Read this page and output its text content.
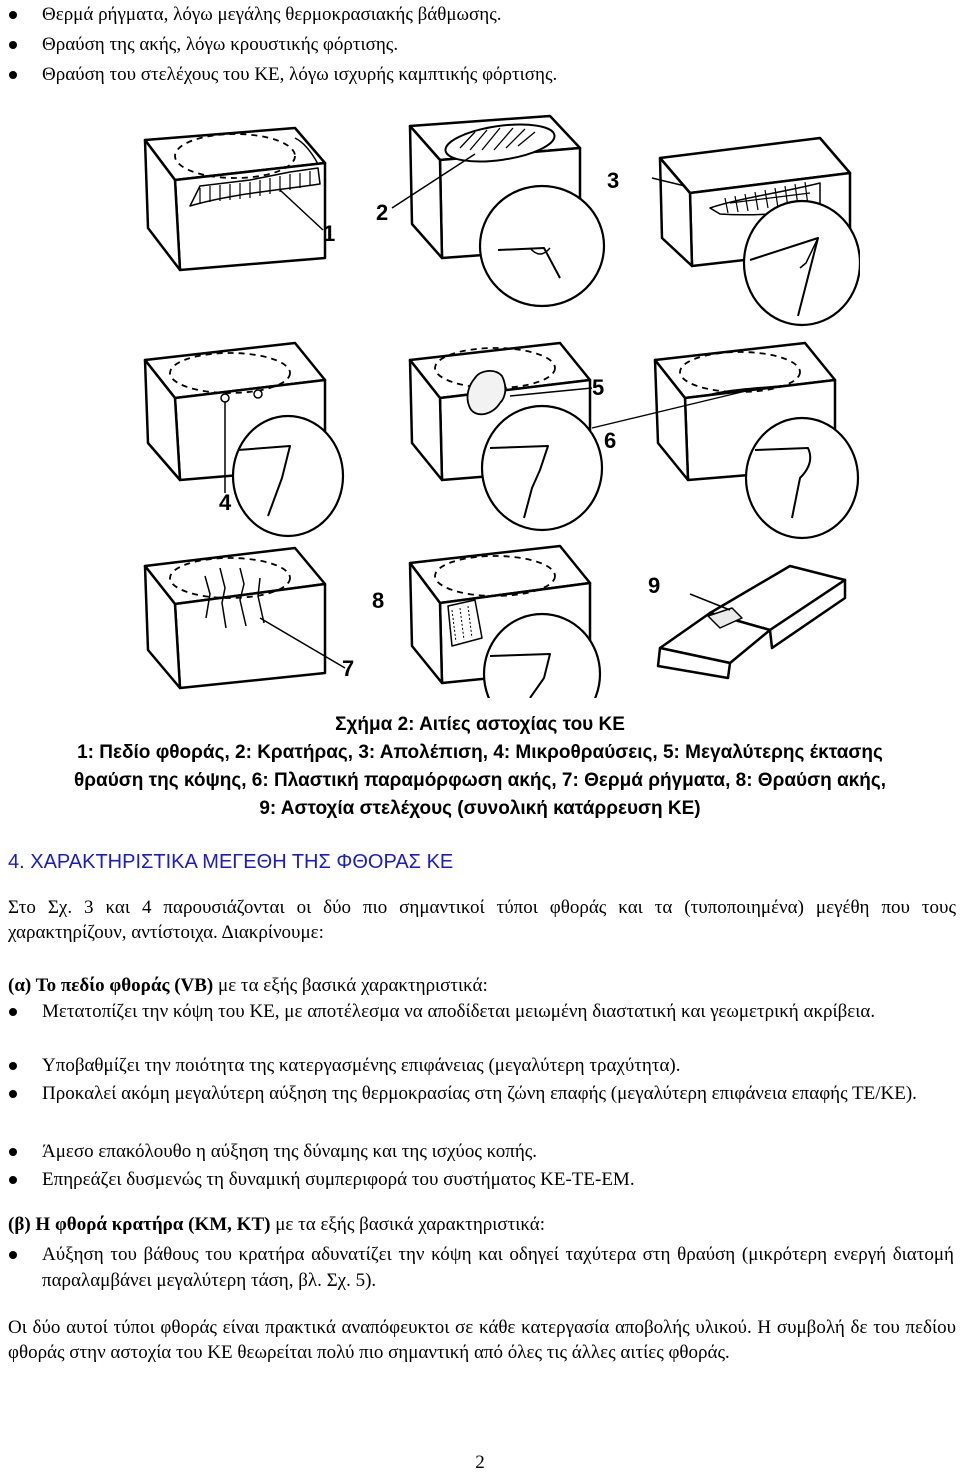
Θερμά ρήγματα, λόγω μεγάλης θερμοκρασιακής βάθμωσης.
Θραύση της ακής, λόγω κρουστικής φόρτισης.
Θραύση του στελέχους του ΚΕ, λόγω ισχυρής καμπτικής φόρτισης.
1
2
3
4
5
6
7
8
9
Σχήμα 2: Αιτίες αστοχίας του ΚΕ
1: Πεδίο φθοράς, 2: Κρατήρας, 3: Απολέπιση, 4: Μικροθραύσεις, 5: Μεγαλύτερης έκτασης
θραύση της κόψης, 6: Πλαστική παραμόρφωση ακής, 7: Θερμά ρήγματα, 8: Θραύση ακής,
9: Αστοχία στελέχους (συνολική κατάρρευση ΚΕ)
4. ΧΑΡΑΚΤΗΡΙΣΤΙΚΑ ΜΕΓΕΘΗ ΤΗΣ ΦΘΟΡΑΣ ΚΕ
Στο Σχ. 3 και 4 παρουσιάζονται οι δύο πιο σημαντικοί τύποι φθοράς και τα (τυποποιημένα) μεγέθη που τους χαρακτηρίζουν, αντίστοιχα. Διακρίνουμε:
(α) Το πεδίο φθοράς (VB) με τα εξής βασικά χαρακτηριστικά:
Μετατοπίζει την κόψη του ΚΕ, με αποτέλεσμα να αποδίδεται μειωμένη διαστατική και γεωμετρική ακρίβεια.
Υποβαθμίζει την ποιότητα της κατεργασμένης επιφάνειας (μεγαλύτερη τραχύτητα).
Προκαλεί ακόμη μεγαλύτερη αύξηση της θερμοκρασίας στη ζώνη επαφής (μεγαλύτερη επιφάνεια επαφής ΤΕ/ΚΕ).
Άμεσο επακόλουθο η αύξηση της δύναμης και της ισχύος κοπής.
Επηρεάζει δυσμενώς τη δυναμική συμπεριφορά του συστήματος ΚΕ-ΤΕ-ΕΜ.
(β) Η φθορά κρατήρα (ΚΜ, ΚΤ) με τα εξής βασικά χαρακτηριστικά:
Αύξηση του βάθους του κρατήρα αδυνατίζει την κόψη και οδηγεί ταχύτερα στη θραύση (μικρότερη ενεργή διατομή παραλαμβάνει μεγαλύτερη τάση, βλ. Σχ. 5).
Οι δύο αυτοί τύποι φθοράς είναι πρακτικά αναπόφευκτοι σε κάθε κατεργασία αποβολής υλικού. Η συμβολή δε του πεδίου φθοράς στην αστοχία του ΚΕ θεωρείται πολύ πιο σημαντική από όλες τις άλλες αιτίες φθοράς.
2
